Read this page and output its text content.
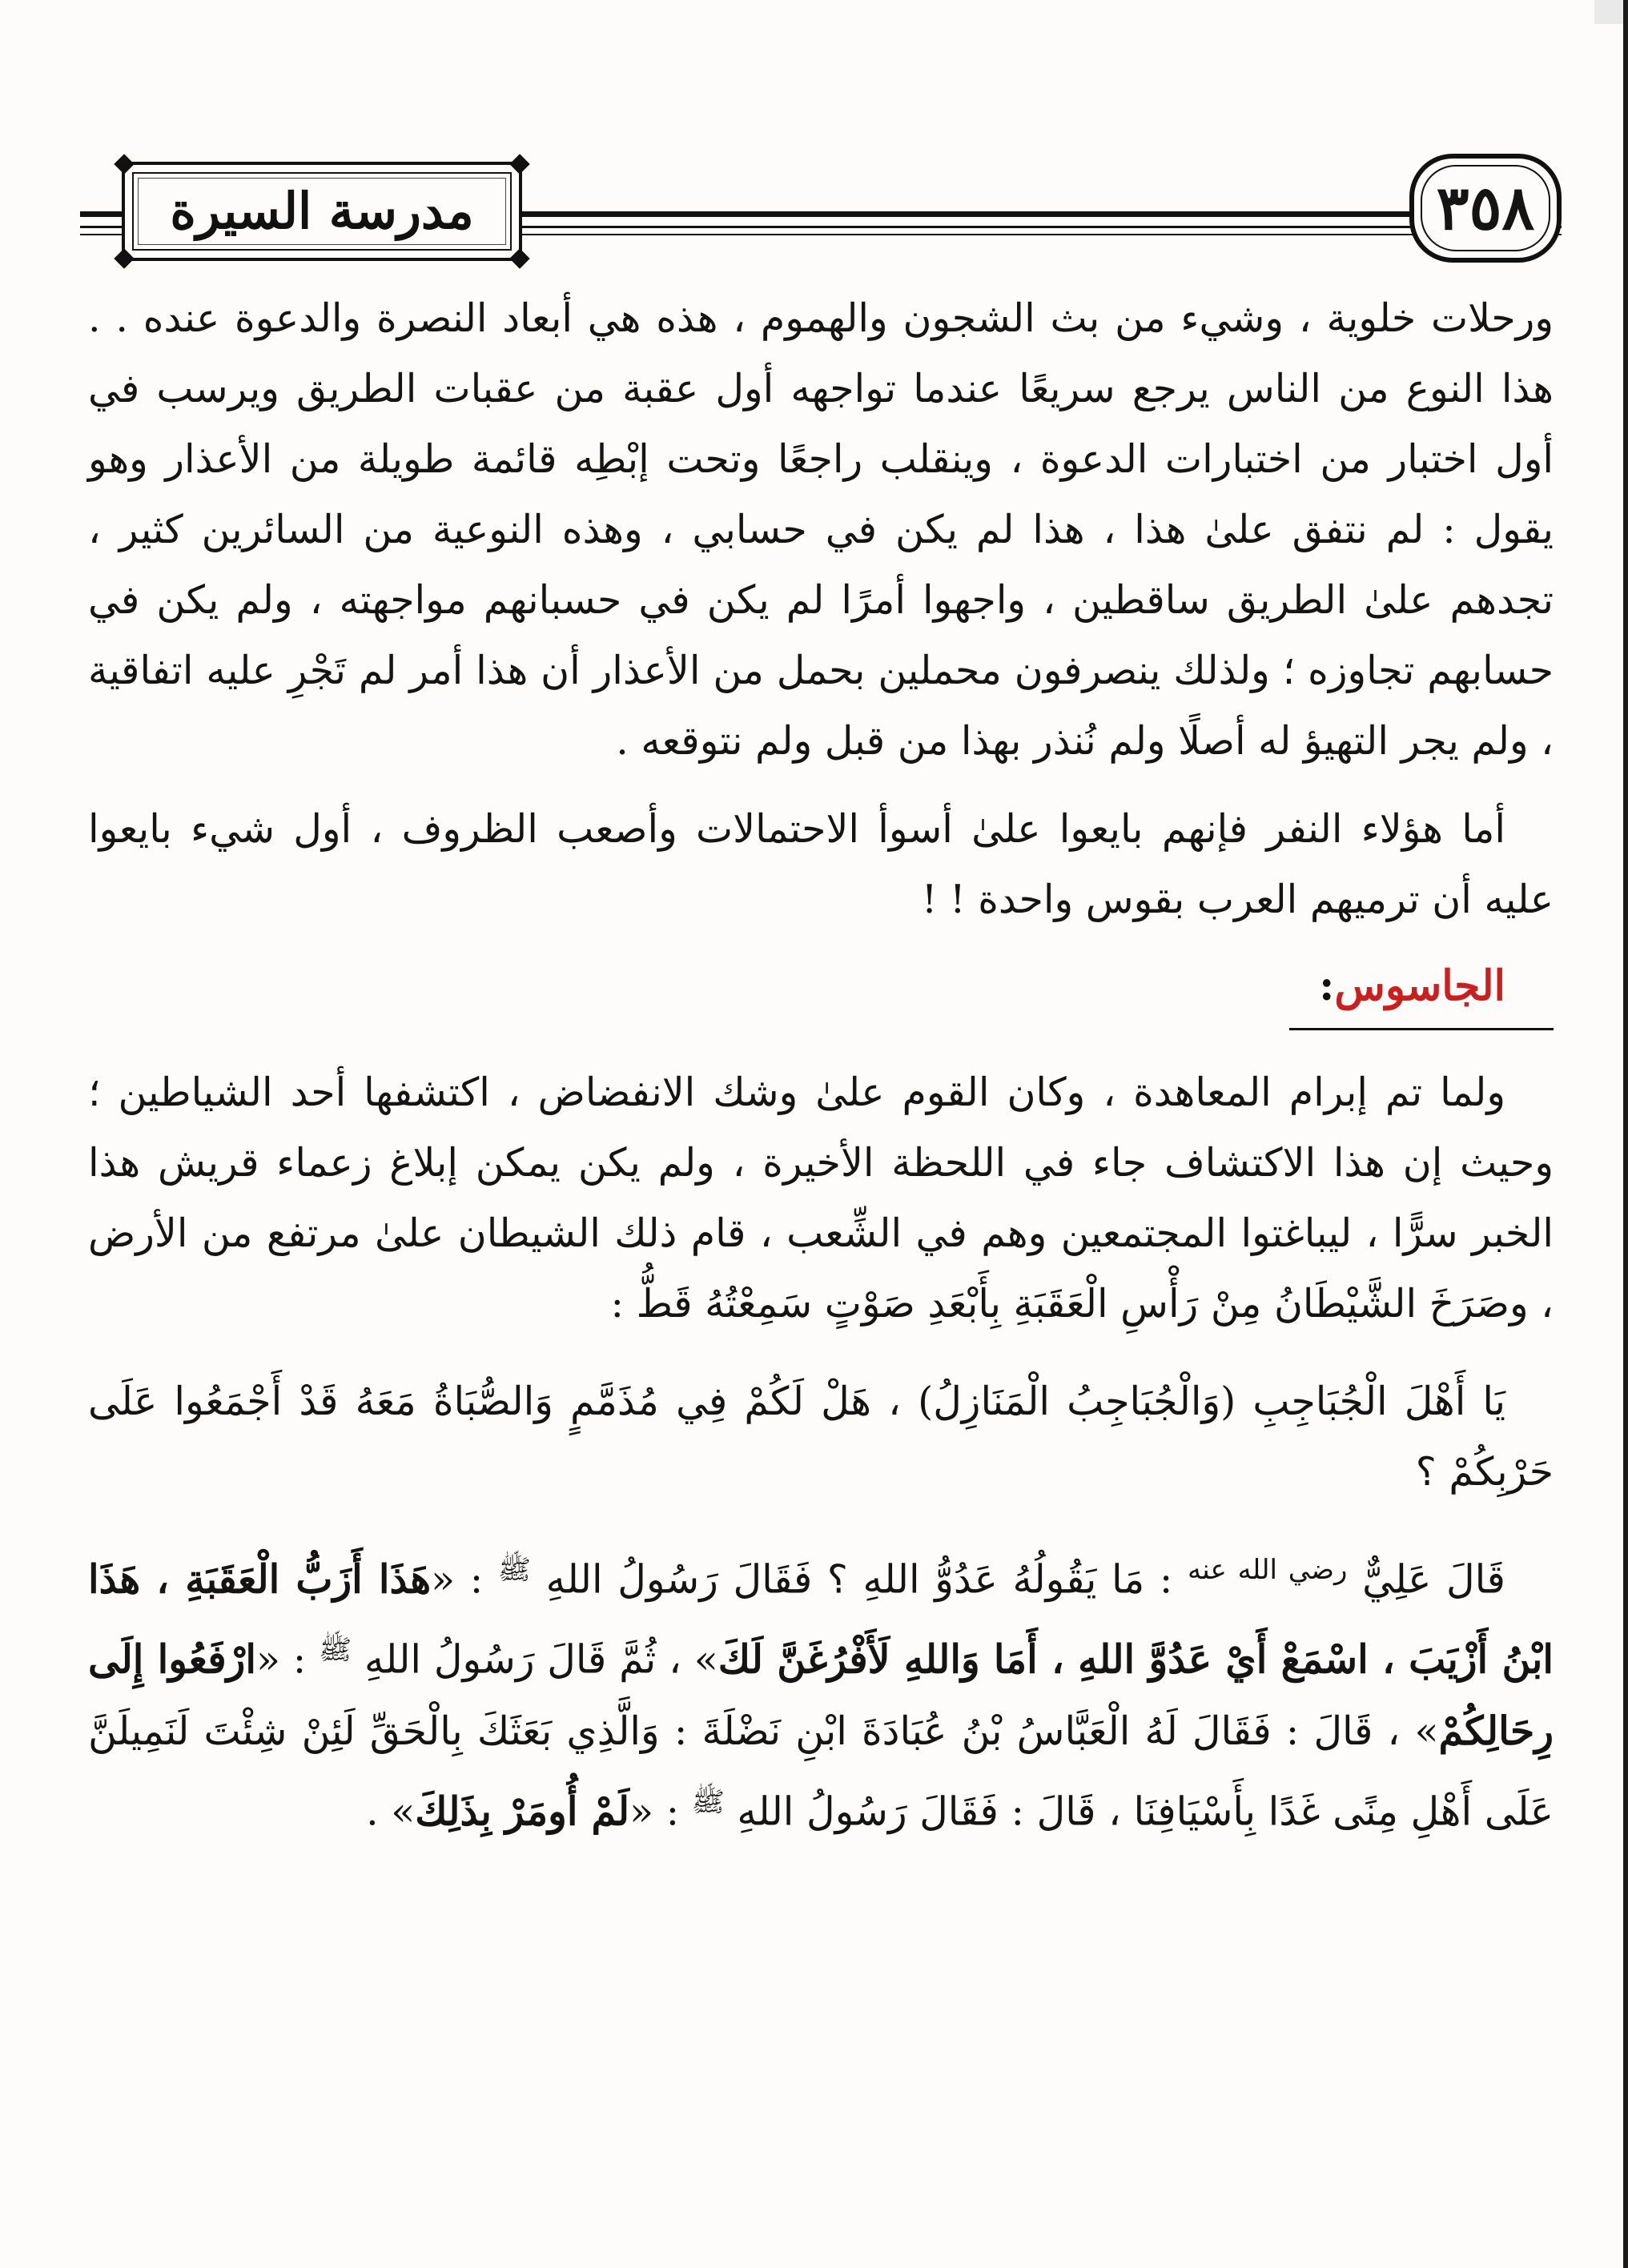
مدرسة السيرة	٣٥٨

ورحلات خلوية ، وشيء من بث الشجون والهموم ، هذه هي أبعاد النصرة والدعوة عنده . . هذا النوع من الناس يرجع سريعًا عندما تواجهه أول عقبة من عقبات الطريق ويرسب في أول اختبار من اختبارات الدعوة ، وينقلب راجعًا وتحت إبْطِه قائمة طويلة من الأعذار وهو يقول : لم نتفق علىٰ هذا ، هذا لم يكن في حسابي ، وهذه النوعية من السائرين كثير ، تجدهم علىٰ الطريق ساقطين ، واجهوا أمرًا لم يكن في حسبانهم مواجهته ، ولم يكن في حسابهم تجاوزه ؛ ولذلك ينصرفون محملين بحمل من الأعذار أن هذا أمر لم تَجْرِ عليه اتفاقية ، ولم يجر التهيؤ له أصلًا ولم نُنذر بهذا من قبل ولم نتوقعه .

أما هؤلاء النفر فإنهم بايعوا علىٰ أسوأ الاحتمالات وأصعب الظروف ، أول شيء بايعوا عليه أن ترميهم العرب بقوس واحدة ! !

الجاسوس:

ولما تم إبرام المعاهدة ، وكان القوم علىٰ وشك الانفضاض ، اكتشفها أحد الشياطين ؛ وحيث إن هذا الاكتشاف جاء في اللحظة الأخيرة ، ولم يكن يمكن إبلاغ زعماء قريش هذا الخبر سرًّا ، ليباغتوا المجتمعين وهم في الشِّعب ، قام ذلك الشيطان علىٰ مرتفع من الأرض ، وصَرَخَ الشَّيْطَانُ مِنْ رَأْسِ الْعَقَبَةِ بِأَبْعَدِ صَوْتٍ سَمِعْتُهُ قَطُّ :

يَا أَهْلَ الْجُبَاجِبِ (وَالْجُبَاجِبُ الْمَنَازِلُ) ، هَلْ لَكُمْ فِي مُذَمَّمٍ وَالصُّبَاةُ مَعَهُ قَدْ أَجْمَعُوا عَلَى حَرْبِكُمْ ؟

قَالَ عَلِيٌّ $^{رضي الله عنه}$ : مَا يَقُولُهُ عَدُوُّ اللهِ ؟ فَقَالَ رَسُولُ اللهِ $^ﷺ$ : «هَذَا أَزَبُّ الْعَقَبَةِ ، هَذَا ابْنُ أَزْيَبَ ، اسْمَعْ أَيْ عَدُوَّ اللهِ ، أَمَا وَاللهِ لَأَفْرُغَنَّ لَكَ» ، ثُمَّ قَالَ رَسُولُ اللهِ $^ﷺ$ : «ارْفَعُوا إِلَى رِحَالِكُمْ» ، قَالَ : فَقَالَ لَهُ الْعَبَّاسُ بْنُ عُبَادَةَ ابْنِ نَضْلَةَ : وَالَّذِي بَعَثَكَ بِالْحَقِّ لَئِنْ شِئْتَ لَنَمِيلَنَّ عَلَى أَهْلِ مِنًى غَدًا بِأَسْيَافِنَا ، قَالَ : فَقَالَ رَسُولُ اللهِ $^ﷺ$ : «لَمْ أُومَرْ بِذَلِكَ» .
